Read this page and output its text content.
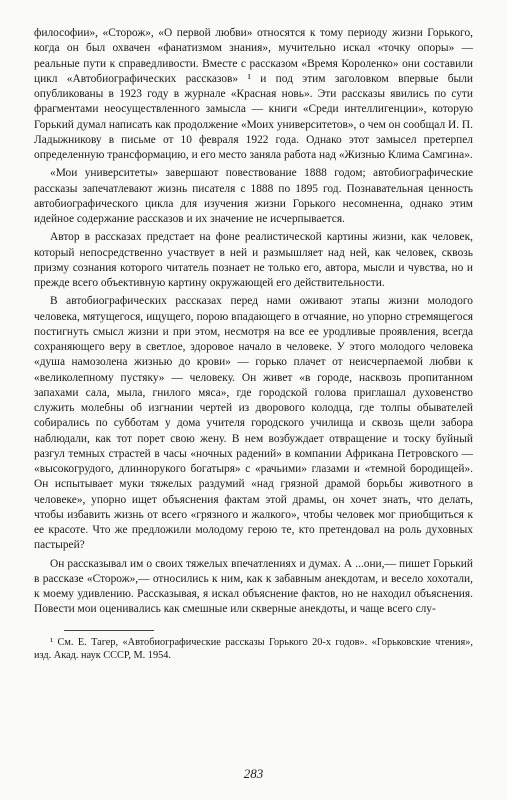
философии», «Сторож», «О первой любви» относятся к тому периоду жизни Горького, когда он был охвачен «фанатизмом знания», мучительно искал «точку опоры» — реальные пути к справедливости. Вместе с рассказом «Время Короленко» они составили цикл «Автобиографических рассказов» ¹ и под этим заголовком впервые были опубликованы в 1923 году в журнале «Красная новь». Эти рассказы явились по сути фрагментами неосуществленного замысла — книги «Среди интеллигенции», которую Горький думал написать как продолжение «Моих университетов», о чем он сообщал И. П. Ладыжникову в письме от 10 февраля 1922 года. Однако этот замысел претерпел определенную трансформацию, и его место заняла работа над «Жизнью Клима Самгина».

«Мои университеты» завершают повествование 1888 годом; автобиографические рассказы запечатлевают жизнь писателя с 1888 по 1895 год. Познавательная ценность автобиографического цикла для изучения жизни Горького несомненна, однако этим идейное содержание рассказов и их значение не исчерпывается.

Автор в рассказах предстает на фоне реалистической картины жизни, как человек, который непосредственно участвует в ней и размышляет над ней, как человек, сквозь призму сознания которого читатель познает не только его, автора, мысли и чувства, но и прежде всего объективную картину окружающей его действительности.

В автобиографических рассказах перед нами оживают этапы жизни молодого человека, мятущегося, ищущего, порою впадающего в отчаяние, но упорно стремящегося постигнуть смысл жизни и при этом, несмотря на все ее уродливые проявления, всегда сохраняющего веру в светлое, здоровое начало в человеке. У этого молодого человека «душа намозолена жизнью до крови» — горько плачет от неисчерпаемой любви к «великолепному пустяку» — человеку. Он живет «в городе, насквозь пропитанном запахами сала, мыла, гнилого мяса», где городской голова приглашал духовенство служить молебны об изгнании чертей из дворового колодца, где толпы обывателей собирались по субботам у дома учителя городского училища и сквозь щели забора наблюдали, как тот порет свою жену. В нем возбуждает отвращение и тоску буйный разгул темных страстей в часы «ночных радений» в компании Африкана Петровского — «высокогрудого, длиннорукого богатыря» с «рачьими» глазами и «темной бородищей». Он испытывает муки тяжелых раздумий «над грязной драмой борьбы животного в человеке», упорно ищет объяснения фактам этой драмы, он хочет знать, что делать, чтобы избавить жизнь от всего «грязного и жалкого», чтобы человек мог приобщиться к ее красоте. Что же предложили молодому герою те, кто претендовал на роль духовных пастырей?

Он рассказывал им о своих тяжелых впечатлениях и думах. А ...они,— пишет Горький в рассказе «Сторож»,— относились к ним, как к забавным анекдотам, и весело хохотали, к моему удивлению. Рассказывая, я искал объяснение фактов, но не находил объяснения. Повести мои оценивались как смешные или скверные анекдоты, и чаще всего слу-

¹ См. Е. Тагер, «Автобиографические рассказы Горького 20-х годов». «Горьковские чтения», изд. Акад. наук СССР, М. 1954.

283
